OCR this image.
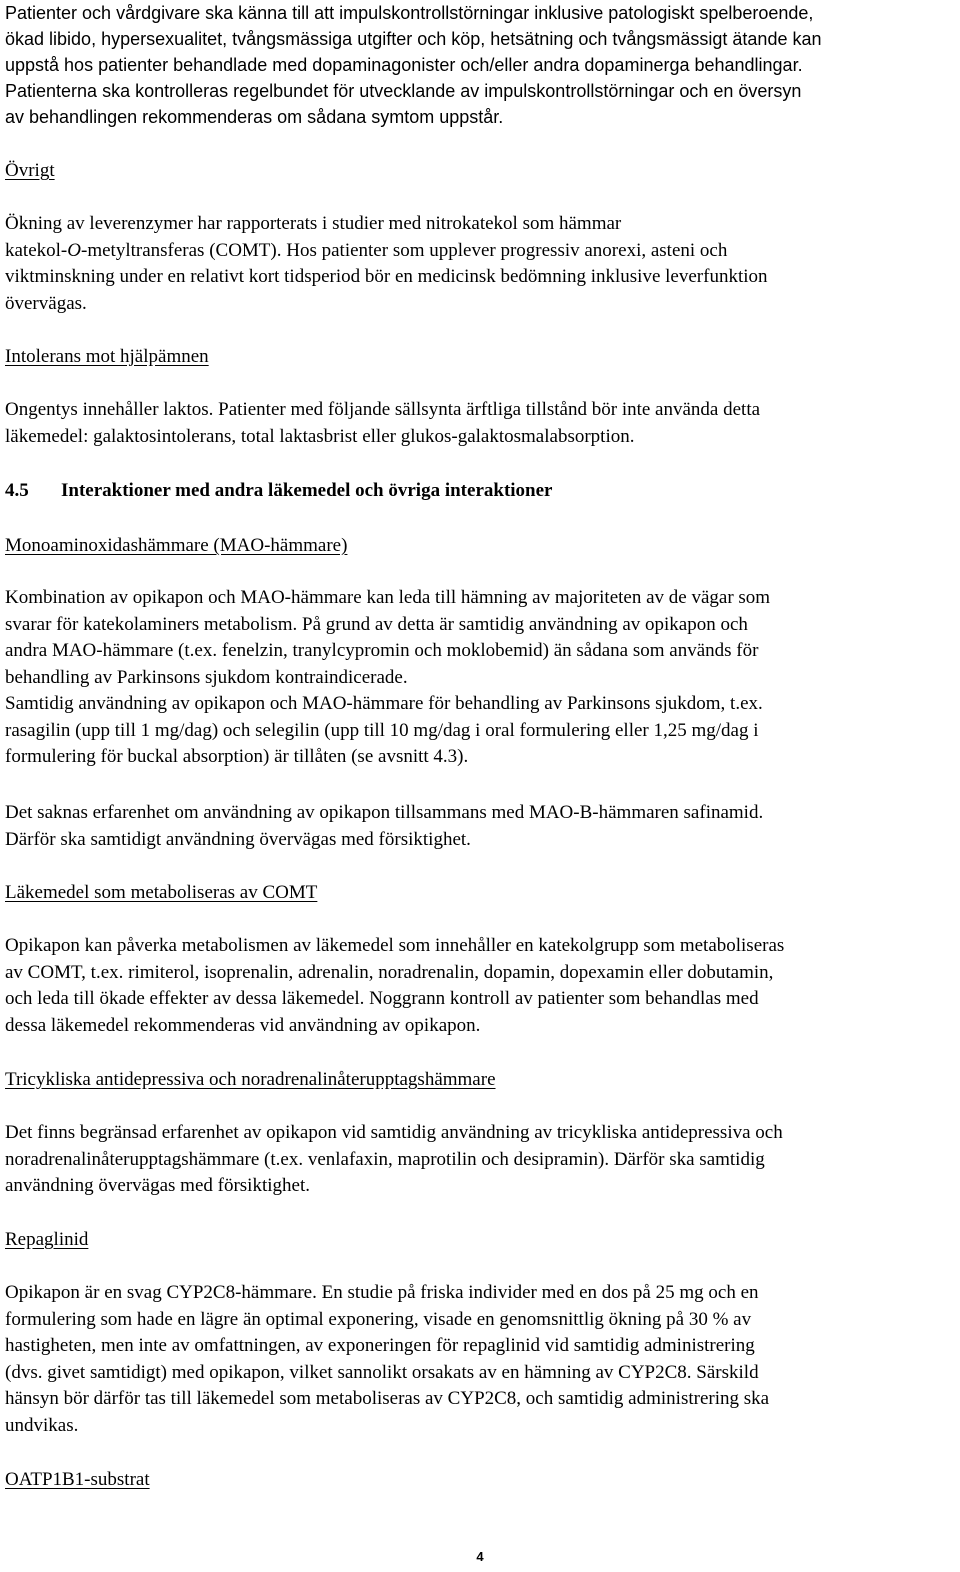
Patienter och vårdgivare ska känna till att impulskontrollstörningar inklusive patologiskt spelberoende,
ökad libido, hypersexualitet, tvångsmässiga utgifter och köp, hetsätning och tvångsmässigt ätande kan
uppstå hos patienter behandlade med dopaminagonister och/eller andra dopaminerga behandlingar.
Patienterna ska kontrolleras regelbundet för utvecklande av impulskontrollstörningar och en översyn
av behandlingen rekommenderas om sådana symtom uppstår.

Övrigt

Ökning av leverenzymer har rapporterats i studier med nitrokatekol som hämmar
katekol-O-metyltransferas (COMT). Hos patienter som upplever progressiv anorexi, asteni och
viktminskning under en relativt kort tidsperiod bör en medicinsk bedömning inklusive leverfunktion
övervägas.

Intolerans mot hjälpämnen

Ongentys innehåller laktos. Patienter med följande sällsynta ärftliga tillstånd bör inte använda detta
läkemedel: galaktosintolerans, total laktasbrist eller glukos-galaktosmalabsorption.

4.5 Interaktioner med andra läkemedel och övriga interaktioner

Monoaminoxidashämmare (MAO-hämmare)

Kombination av opikapon och MAO-hämmare kan leda till hämning av majoriteten av de vägar som
svarar för katekolaminers metabolism. På grund av detta är samtidig användning av opikapon och
andra MAO-hämmare (t.ex. fenelzin, tranylcypromin och moklobemid) än sådana som används för
behandling av Parkinsons sjukdom kontraindicerade.
Samtidig användning av opikapon och MAO-hämmare för behandling av Parkinsons sjukdom, t.ex.
rasagilin (upp till 1 mg/dag) och selegilin (upp till 10 mg/dag i oral formulering eller 1,25 mg/dag i
formulering för buckal absorption) är tillåten (se avsnitt 4.3).

Det saknas erfarenhet om användning av opikapon tillsammans med MAO-B-hämmaren safinamid.
Därför ska samtidigt användning övervägas med försiktighet.

Läkemedel som metaboliseras av COMT

Opikapon kan påverka metabolismen av läkemedel som innehåller en katekolgrupp som metaboliseras
av COMT, t.ex. rimiterol, isoprenalin, adrenalin, noradrenalin, dopamin, dopexamin eller dobutamin,
och leda till ökade effekter av dessa läkemedel. Noggrann kontroll av patienter som behandlas med
dessa läkemedel rekommenderas vid användning av opikapon.

Tricykliska antidepressiva och noradrenalinåterupptagshämmare

Det finns begränsad erfarenhet av opikapon vid samtidig användning av tricykliska antidepressiva och
noradrenalinåterupptagshämmare (t.ex. venlafaxin, maprotilin och desipramin). Därför ska samtidig
användning övervägas med försiktighet.

Repaglinid

Opikapon är en svag CYP2C8-hämmare. En studie på friska individer med en dos på 25 mg och en
formulering som hade en lägre än optimal exponering, visade en genomsnittlig ökning på 30 % av
hastigheten, men inte av omfattningen, av exponeringen för repaglinid vid samtidig administrering
(dvs. givet samtidigt) med opikapon, vilket sannolikt orsakats av en hämning av CYP2C8. Särskild
hänsyn bör därför tas till läkemedel som metaboliseras av CYP2C8, och samtidig administrering ska
undvikas.

OATP1B1-substrat

4
